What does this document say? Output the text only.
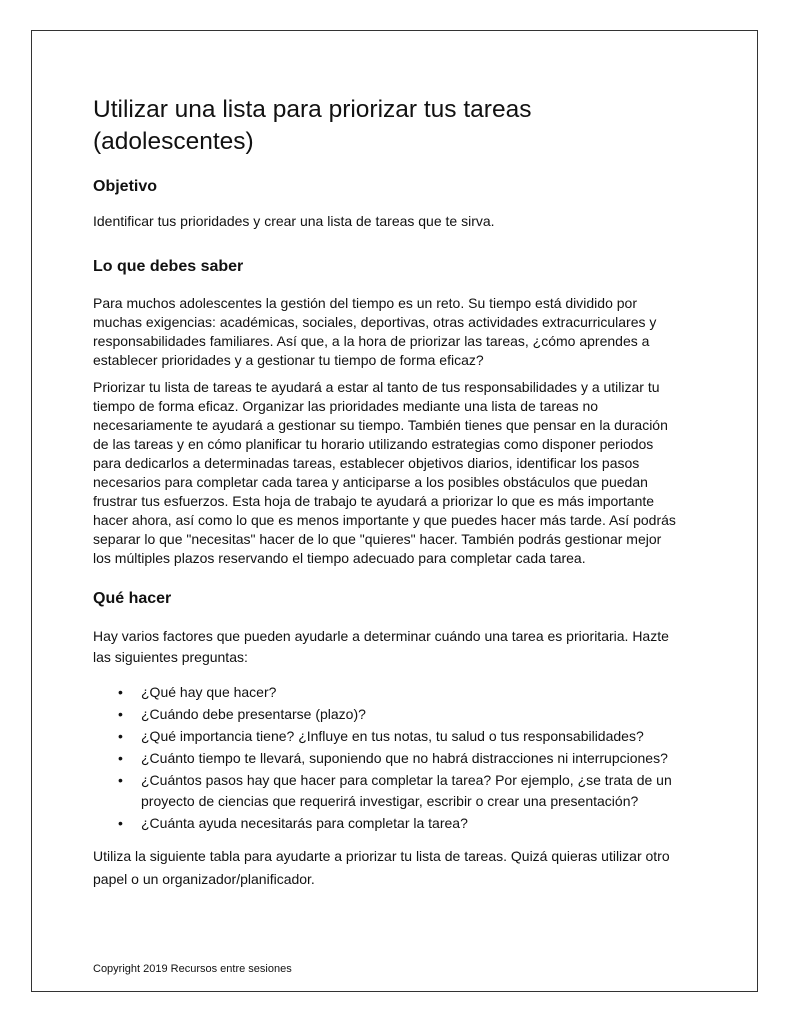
Utilizar una lista para priorizar tus tareas (adolescentes)
Objetivo

Identificar tus prioridades y crear una lista de tareas que te sirva.

Lo que debes saber

Para muchos adolescentes la gestión del tiempo es un reto. Su tiempo está dividido por muchas exigencias: académicas, sociales, deportivas, otras actividades extracurriculares y responsabilidades familiares. Así que, a la hora de priorizar las tareas, ¿cómo aprendes a establecer prioridades y a gestionar tu tiempo de forma eficaz?

Priorizar tu lista de tareas te ayudará a estar al tanto de tus responsabilidades y a utilizar tu tiempo de forma eficaz. Organizar las prioridades mediante una lista de tareas no necesariamente te ayudará a gestionar su tiempo. También tienes que pensar en la duración de las tareas y en cómo planificar tu horario utilizando estrategias como disponer periodos para dedicarlos a determinadas tareas, establecer objetivos diarios, identificar los pasos necesarios para completar cada tarea y anticiparse a los posibles obstáculos que puedan frustrar tus esfuerzos. Esta hoja de trabajo te ayudará a priorizar lo que es más importante hacer ahora, así como lo que es menos importante y que puedes hacer más tarde. Así podrás separar lo que "necesitas" hacer de lo que "quieres" hacer. También podrás gestionar mejor los múltiples plazos reservando el tiempo adecuado para completar cada tarea.

Qué hacer

Hay varios factores que pueden ayudarle a determinar cuándo una tarea es prioritaria. Hazte las siguientes preguntas:

• ¿Qué hay que hacer?
• ¿Cuándo debe presentarse (plazo)?
• ¿Qué importancia tiene? ¿Influye en tus notas, tu salud o tus responsabilidades?
• ¿Cuánto tiempo te llevará, suponiendo que no habrá distracciones ni interrupciones?
• ¿Cuántos pasos hay que hacer para completar la tarea? Por ejemplo, ¿se trata de un proyecto de ciencias que requerirá investigar, escribir o crear una presentación?
• ¿Cuánta ayuda necesitarás para completar la tarea?

Utiliza la siguiente tabla para ayudarte a priorizar tu lista de tareas. Quizá quieras utilizar otro papel o un organizador/planificador.

Copyright 2019 Recursos entre sesiones
